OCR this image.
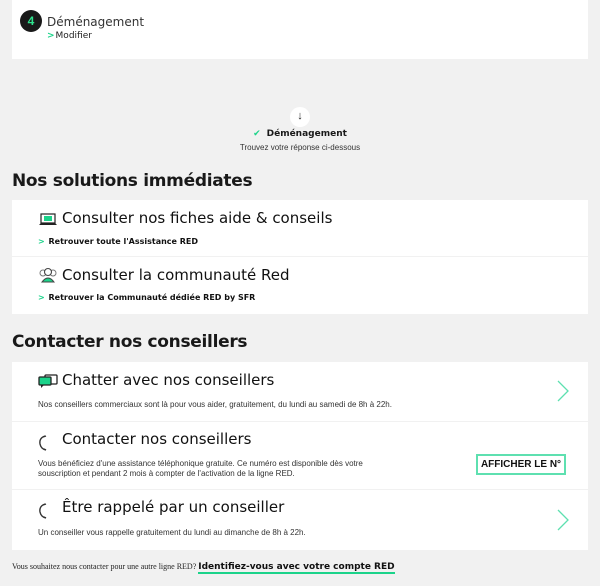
4	Déménagement
>Modifier
↓
✔ Déménagement
Trouvez votre réponse ci-dessous
Nos solutions immédiates
Consulter nos fiches aide & conseils
> Retrouver toute l'Assistance RED
Consulter la communauté Red
> Retrouver la Communauté dédiée RED by SFR
Contacter nos conseillers
Chatter avec nos conseillers
Nos conseillers commerciaux sont là pour vous aider, gratuitement, du lundi au samedi de 8h à 22h.
Contacter nos conseillers
Vous bénéficiez d'une assistance téléphonique gratuite. Ce numéro est disponible dès votre souscription et pendant 2 mois à compter de l'activation de la ligne RED.
AFFICHER LE N°
Être rappelé par un conseiller
Un conseiller vous rappelle gratuitement du lundi au dimanche de 8h à 22h.
Vous souhaitez nous contacter pour une autre ligne RED? Identifiez-vous avec votre compte RED
